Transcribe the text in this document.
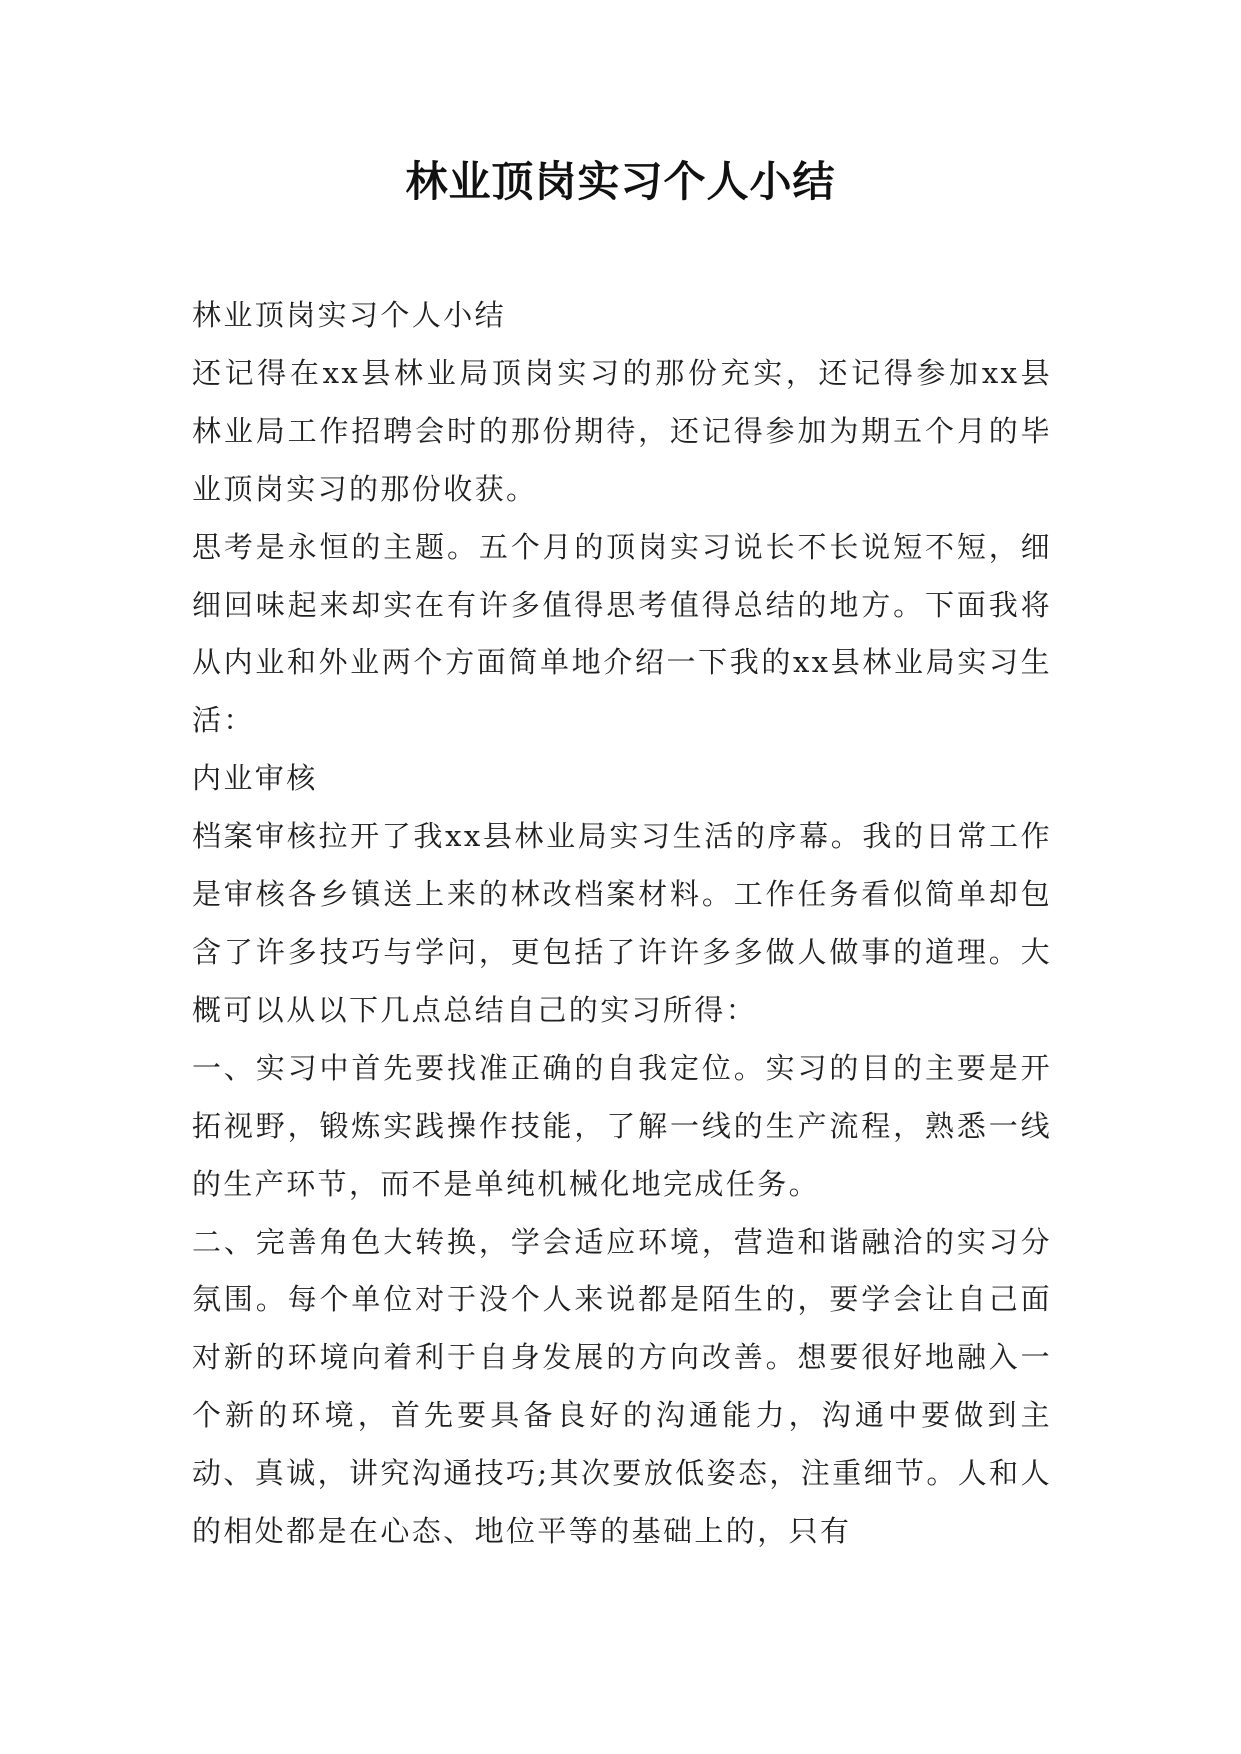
林业顶岗实习个人小结

林业顶岗实习个人小结

还记得在xx县林业局顶岗实习的那份充实，还记得参加xx县林业局工作招聘会时的那份期待，还记得参加为期五个月的毕业顶岗实习的那份收获。

思考是永恒的主题。五个月的顶岗实习说长不长说短不短，细细回味起来却实在有许多值得思考值得总结的地方。下面我将从内业和外业两个方面简单地介绍一下我的xx县林业局实习生活：

内业审核

档案审核拉开了我xx县林业局实习生活的序幕。我的日常工作是审核各乡镇送上来的林改档案材料。工作任务看似简单却包含了许多技巧与学问，更包括了许许多多做人做事的道理。大概可以从以下几点总结自己的实习所得：

一、实习中首先要找准正确的自我定位。实习的目的主要是开拓视野，锻炼实践操作技能，了解一线的生产流程，熟悉一线的生产环节，而不是单纯机械化地完成任务。

二、完善角色大转换，学会适应环境，营造和谐融洽的实习分氛围。每个单位对于没个人来说都是陌生的，要学会让自己面对新的环境向着利于自身发展的方向改善。想要很好地融入一个新的环境，首先要具备良好的沟通能力，沟通中要做到主动、真诚，讲究沟通技巧;其次要放低姿态，注重细节。人和人的相处都是在心态、地位平等的基础上的，只有
